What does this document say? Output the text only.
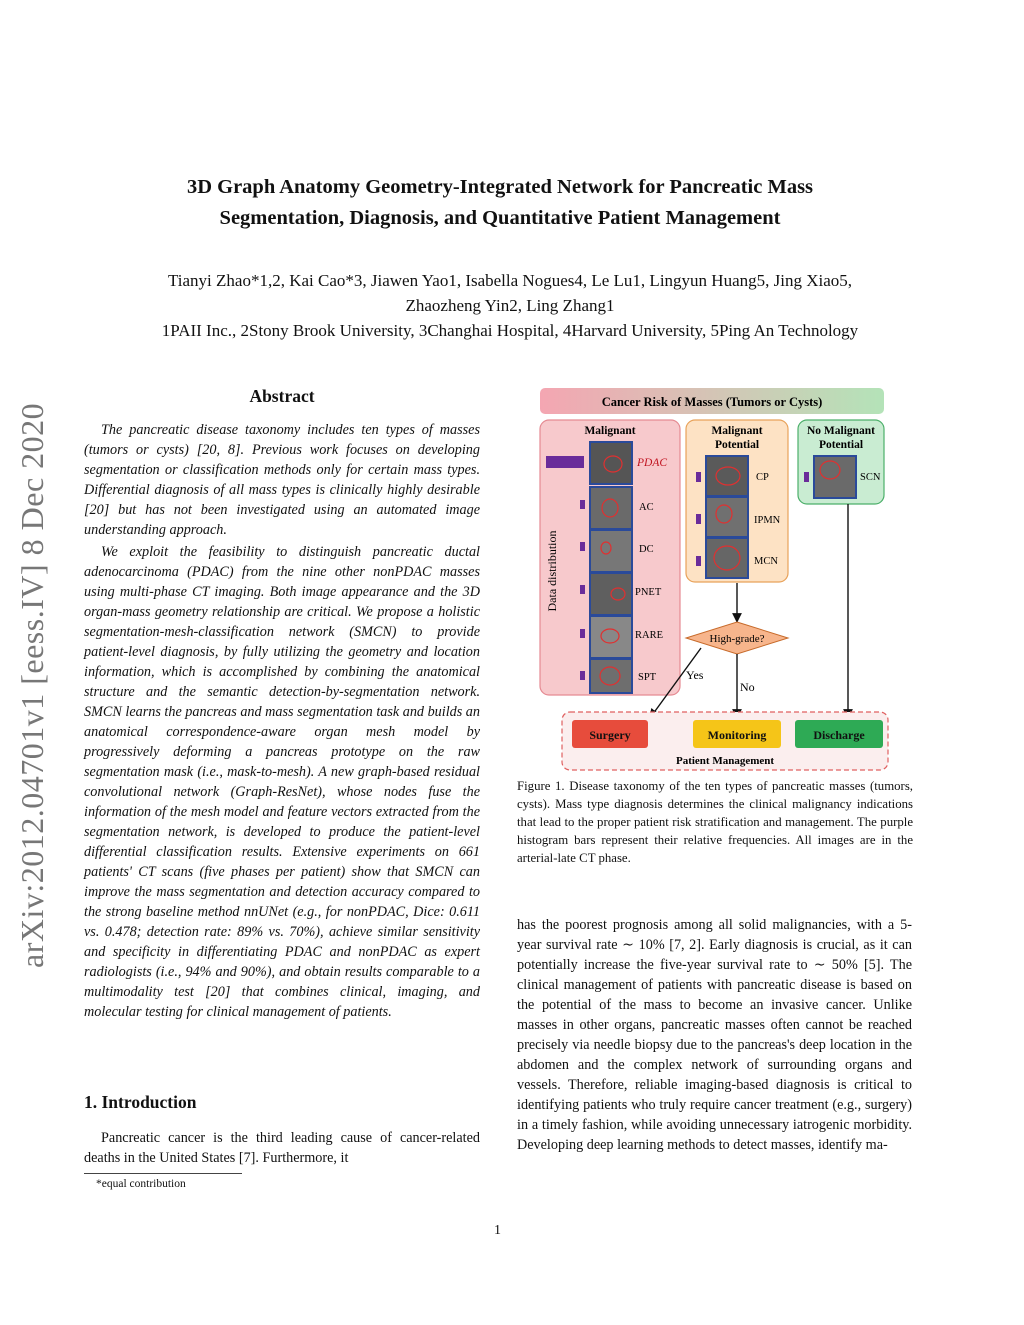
arXiv:2012.04701v1 [eess.IV] 8 Dec 2020
3D Graph Anatomy Geometry-Integrated Network for Pancreatic Mass
Segmentation, Diagnosis, and Quantitative Patient Management
Tianyi Zhao*1,2, Kai Cao*3, Jiawen Yao1, Isabella Nogues4, Le Lu1, Lingyun Huang5, Jing Xiao5,
Zhaozheng Yin2, Ling Zhang1
1PAII Inc., 2Stony Brook University, 3Changhai Hospital, 4Harvard University, 5Ping An Technology
Abstract
The pancreatic disease taxonomy includes ten types of masses (tumors or cysts) [20, 8]. Previous work focuses on developing segmentation or classification methods only for certain mass types. Differential diagnosis of all mass types is clinically highly desirable [20] but has not been investigated using an automated image understanding approach.
We exploit the feasibility to distinguish pancreatic ductal adenocarcinoma (PDAC) from the nine other nonPDAC masses using multi-phase CT imaging. Both image appearance and the 3D organ-mass geometry relationship are critical. We propose a holistic segmentation-mesh-classification network (SMCN) to provide patient-level diagnosis, by fully utilizing the geometry and location information, which is accomplished by combining the anatomical structure and the semantic detection-by-segmentation network. SMCN learns the pancreas and mass segmentation task and builds an anatomical correspondence-aware organ mesh model by progressively deforming a pancreas prototype on the raw segmentation mask (i.e., mask-to-mesh). A new graph-based residual convolutional network (Graph-ResNet), whose nodes fuse the information of the mesh model and feature vectors extracted from the segmentation network, is developed to produce the patient-level differential classification results. Extensive experiments on 661 patients' CT scans (five phases per patient) show that SMCN can improve the mass segmentation and detection accuracy compared to the strong baseline method nnUNet (e.g., for nonPDAC, Dice: 0.611 vs. 0.478; detection rate: 89% vs. 70%), achieve similar sensitivity and specificity in differentiating PDAC and nonPDAC as expert radiologists (i.e., 94% and 90%), and obtain results comparable to a multimodality test [20] that combines clinical, imaging, and molecular testing for clinical management of patients.
1. Introduction
Pancreatic cancer is the third leading cause of cancer-related deaths in the United States [7]. Furthermore, it
*equal contribution
Cancer Risk of Masses (Tumors or Cysts)
Malignant
Data distribution
PDAC
AC
DC
PNET
RARE
SPT
Malignant
Potential
CP
IPMN
MCN
No Malignant
Potential
SCN
High-grade?
Yes
No
Surgery	Monitoring	Discharge
Patient Management
Figure 1. Disease taxonomy of the ten types of pancreatic masses (tumors, cysts). Mass type diagnosis determines the clinical malignancy indications that lead to the proper patient risk stratification and management. The purple histogram bars represent their relative frequencies. All images are in the arterial-late CT phase.
has the poorest prognosis among all solid malignancies, with a 5-year survival rate ∼ 10% [7, 2]. Early diagnosis is crucial, as it can potentially increase the five-year survival rate to ∼ 50% [5]. The clinical management of patients with pancreatic disease is based on the potential of the mass to become an invasive cancer. Unlike masses in other organs, pancreatic masses often cannot be reached precisely via needle biopsy due to the pancreas's deep location in the abdomen and the complex network of surrounding organs and vessels. Therefore, reliable imaging-based diagnosis is critical to identifying patients who truly require cancer treatment (e.g., surgery) in a timely fashion, while avoiding unnecessary iatrogenic morbidity. Developing deep learning methods to detect masses, identify ma-
1
